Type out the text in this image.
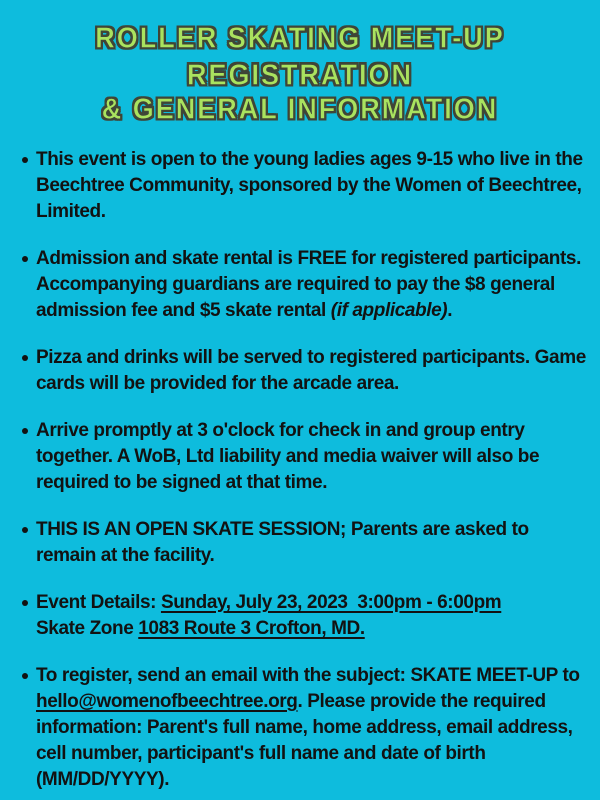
ROLLER SKATING MEET-UP REGISTRATION
& GENERAL INFORMATION
This event is open to the young ladies ages 9-15 who live in the Beechtree Community, sponsored by the Women of Beechtree, Limited.
Admission and skate rental is FREE for registered participants. Accompanying guardians are required to pay the $8 general admission fee and $5 skate rental (if applicable).
Pizza and drinks will be served to registered participants. Game cards will be provided for the arcade area.
Arrive promptly at 3 o'clock for check in and group entry together. A WoB, Ltd liability and media waiver will also be required to be signed at that time.
THIS IS AN OPEN SKATE SESSION; Parents are asked to remain at the facility.
Event Details: Sunday, July 23, 2023  3:00pm - 6:00pm
Skate Zone 1083 Route 3 Crofton, MD.
To register, send an email with the subject: SKATE MEET-UP to hello@womenofbeechtree.org. Please provide the required information: Parent's full name, home address, email address, cell number, participant's full name and date of birth (MM/DD/YYYY).
